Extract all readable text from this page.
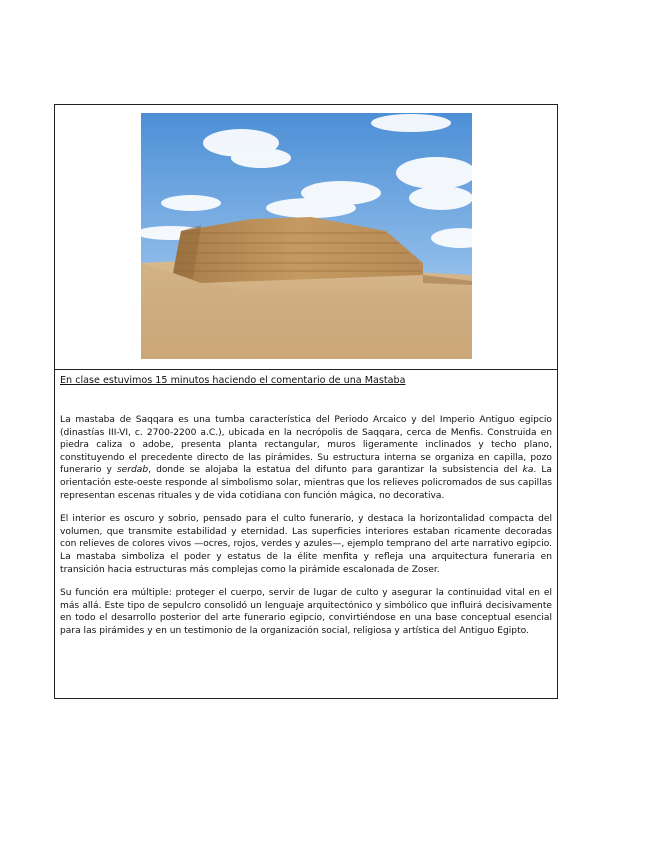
En clase estuvimos 15 minutos haciendo el comentario de una Mastaba

La mastaba de Saqqara es una tumba característica del Periodo Arcaico y del Imperio Antiguo egipcio (dinastías III-VI, c. 2700-2200 a.C.), ubicada en la necrópolis de Saqqara, cerca de Menfis. Construida en piedra caliza o adobe, presenta planta rectangular, muros ligeramente inclinados y techo plano, constituyendo el precedente directo de las pirámides. Su estructura interna se organiza en capilla, pozo funerario y serdab, donde se alojaba la estatua del difunto para garantizar la subsistencia del ka. La orientación este-oeste responde al simbolismo solar, mientras que los relieves policromados de sus capillas representan escenas rituales y de vida cotidiana con función mágica, no decorativa.

El interior es oscuro y sobrio, pensado para el culto funerario, y destaca la horizontalidad compacta del volumen, que transmite estabilidad y eternidad. Las superficies interiores estaban ricamente decoradas con relieves de colores vivos —ocres, rojos, verdes y azules—, ejemplo temprano del arte narrativo egipcio. La mastaba simboliza el poder y estatus de la élite menfita y refleja una arquitectura funeraria en transición hacia estructuras más complejas como la pirámide escalonada de Zoser.

Su función era múltiple: proteger el cuerpo, servir de lugar de culto y asegurar la continuidad vital en el más allá. Este tipo de sepulcro consolidó un lenguaje arquitectónico y simbólico que influirá decisivamente en todo el desarrollo posterior del arte funerario egipcio, convirtiéndose en una base conceptual esencial para las pirámides y en un testimonio de la organización social, religiosa y artística del Antiguo Egipto.
